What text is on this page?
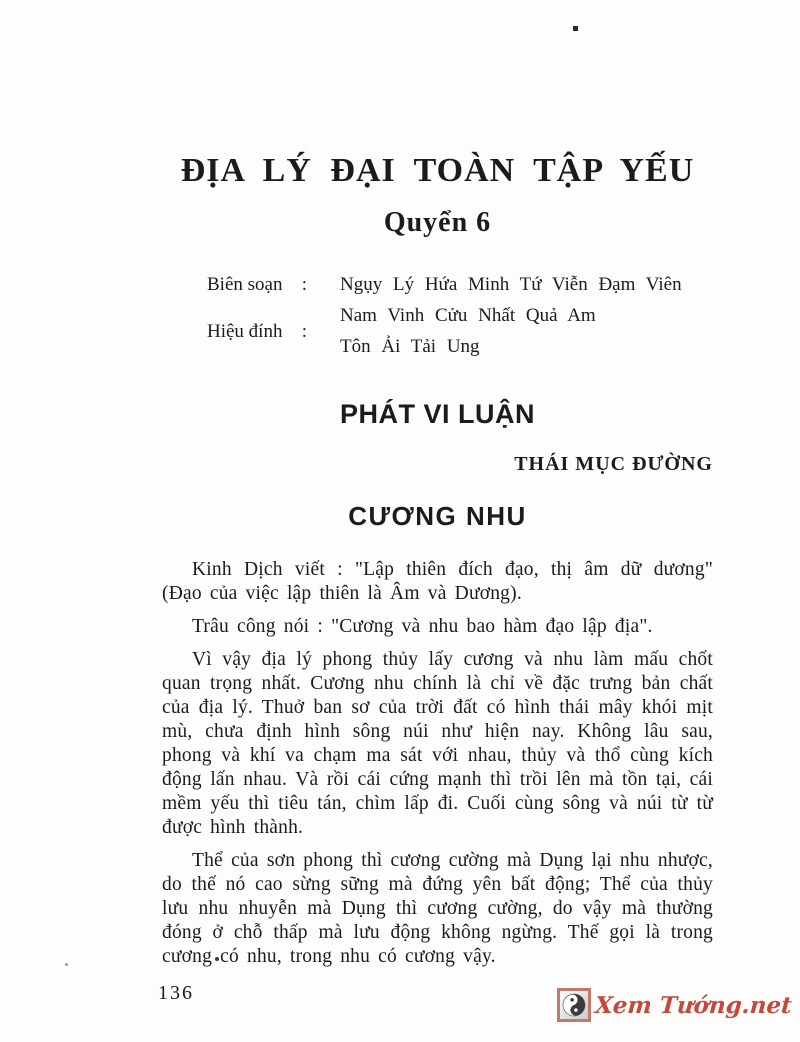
ĐỊA LÝ ĐẠI TOÀN TẬP YẾU
Quyển 6
Biên soạn : Ngụy Lý Hứa Minh Tứ Viễn Đạm Viên
Hiệu đính :
Nam Vinh Cửu Nhất Quả Am
Tôn Ải Tải Ung
PHÁT VI LUẬN
THÁI MỤC ĐƯỜNG
CƯƠNG NHU

Kinh Dịch viết : "Lập thiên đích đạo, thị âm dữ dương" (Đạo của việc lập thiên là Âm và Dương).

Trâu công nói : "Cương và nhu bao hàm đạo lập địa".

Vì vậy địa lý phong thủy lấy cương và nhu làm mấu chốt quan trọng nhất. Cương nhu chính là chỉ về đặc trưng bản chất của địa lý. Thuở ban sơ của trời đất có hình thái mây khói mịt mù, chưa định hình sông núi như hiện nay. Không lâu sau, phong và khí va chạm ma sát với nhau, thủy và thổ cùng kích động lấn nhau. Và rồi cái cứng mạnh thì trồi lên mà tồn tại, cái mềm yếu thì tiêu tán, chìm lấp đi. Cuối cùng sông và núi từ từ được hình thành.

Thể của sơn phong thì cương cường mà Dụng lại nhu nhược, do thế nó cao sừng sững mà đứng yên bất động; Thể của thủy lưu nhu nhuyễn mà Dụng thì cương cường, do vậy mà thường đóng ở chỗ thấp mà lưu động không ngừng. Thế gọi là trong cương có nhu, trong nhu có cương vậy.

136	Xem Tướng.net
